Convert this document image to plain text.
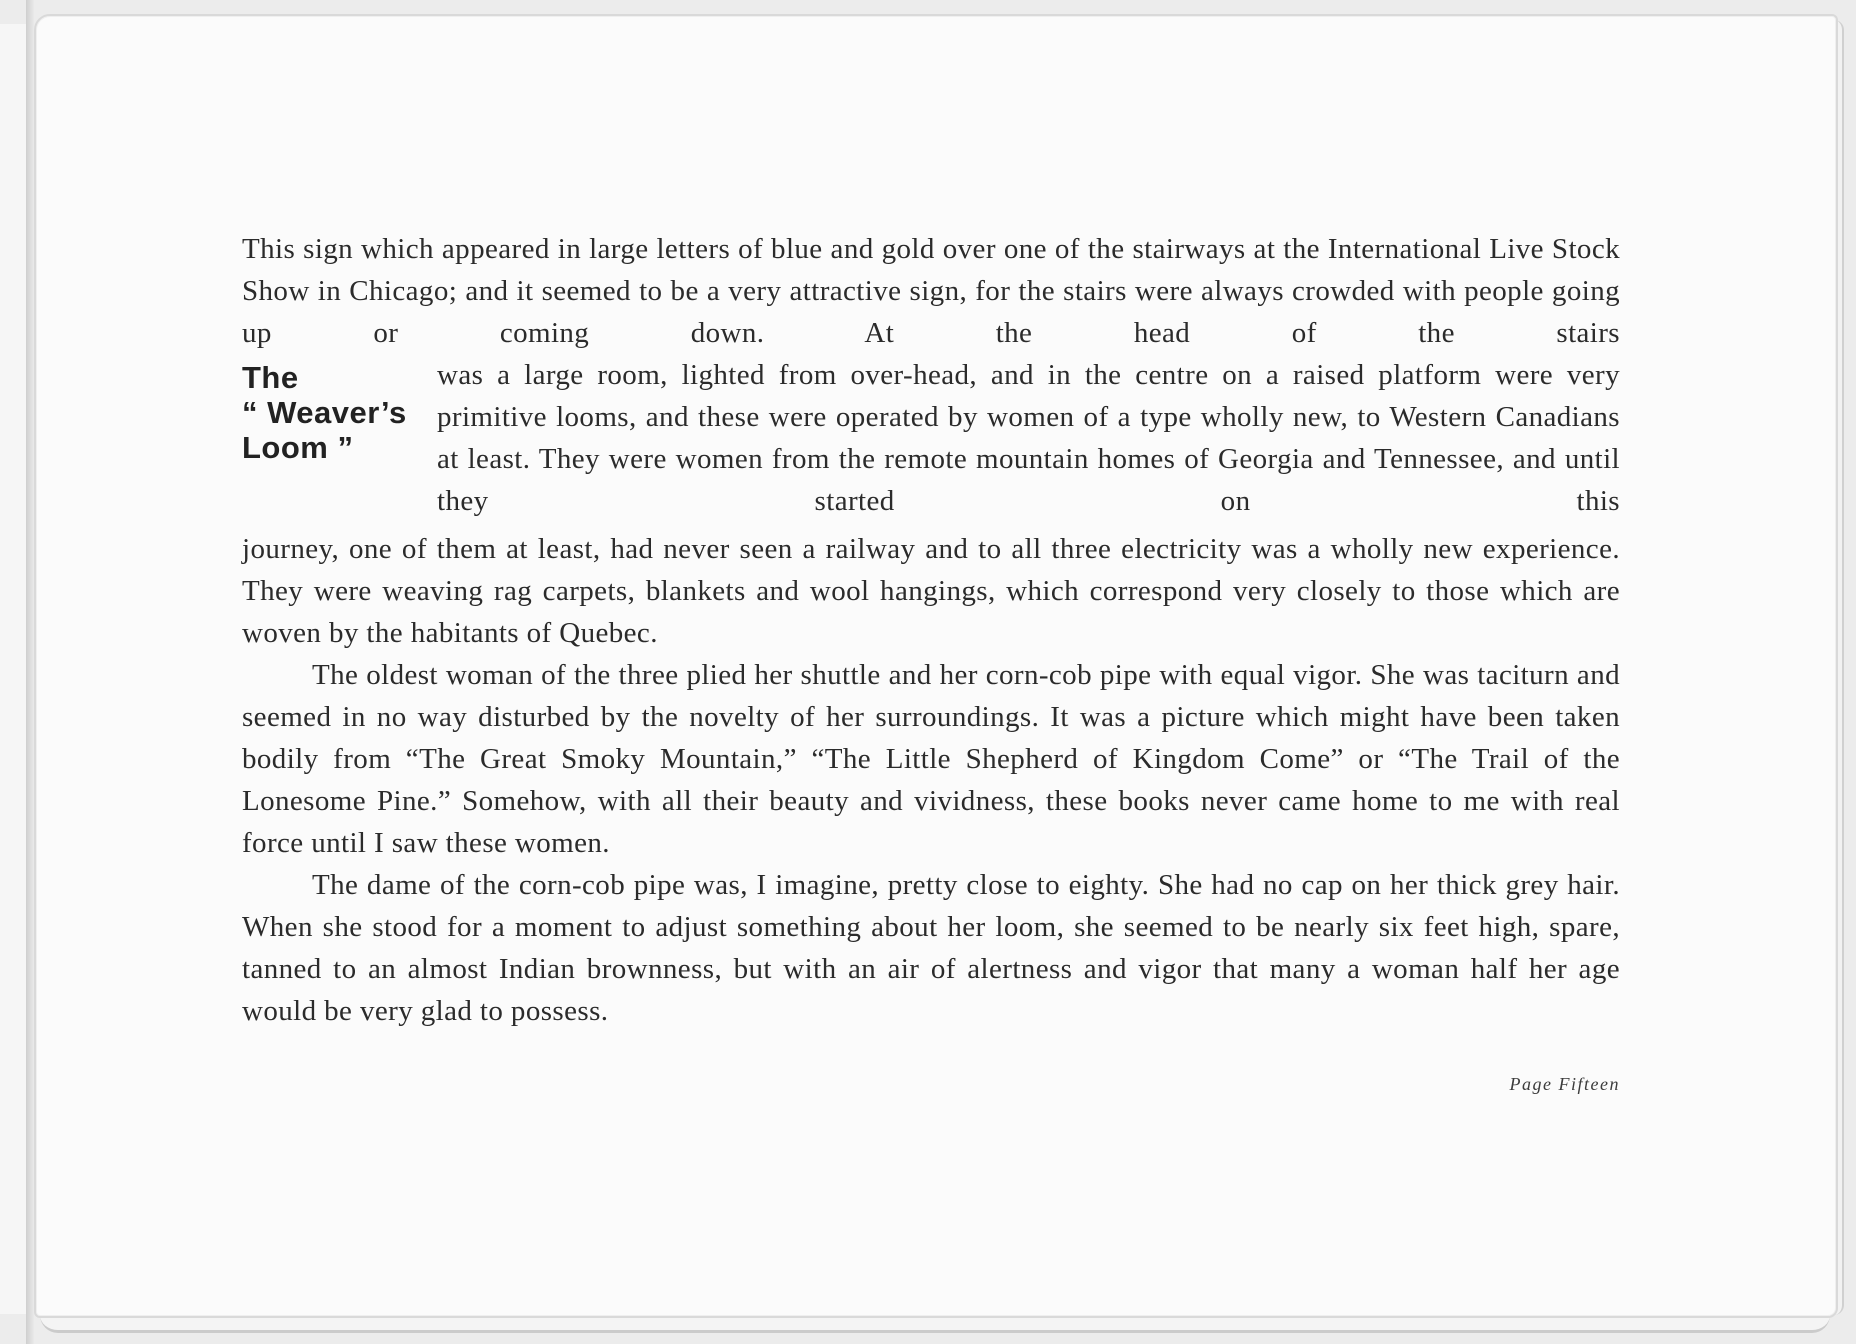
This sign which appeared in large letters of blue and gold over one of the stairways at the International Live Stock Show in Chicago; and it seemed to be a very attractive sign, for the stairs were always crowded with people going up or coming down. At the head of the stairs

The
“ Weaver’s
Loom ”

was a large room, lighted from over-head, and in the centre on a raised platform were very primitive looms, and these were operated by women of a type wholly new, to Western Canadians at least. They were women from the remote mountain homes of Georgia and Tennessee, and until they started on this

journey, one of them at least, had never seen a railway and to all three electricity was a wholly new experience. They were weaving rag carpets, blankets and wool hangings, which correspond very closely to those which are woven by the habitants of Quebec.

The oldest woman of the three plied her shuttle and her corn-cob pipe with equal vigor. She was taciturn and seemed in no way disturbed by the novelty of her surroundings. It was a picture which might have been taken bodily from “The Great Smoky Mountain,” “The Little Shepherd of Kingdom Come” or “The Trail of the Lonesome Pine.” Somehow, with all their beauty and vividness, these books never came home to me with real force until I saw these women.

The dame of the corn-cob pipe was, I imagine, pretty close to eighty. She had no cap on her thick grey hair. When she stood for a moment to adjust something about her loom, she seemed to be nearly six feet high, spare, tanned to an almost Indian brownness, but with an air of alertness and vigor that many a woman half her age would be very glad to possess.

Page Fifteen
